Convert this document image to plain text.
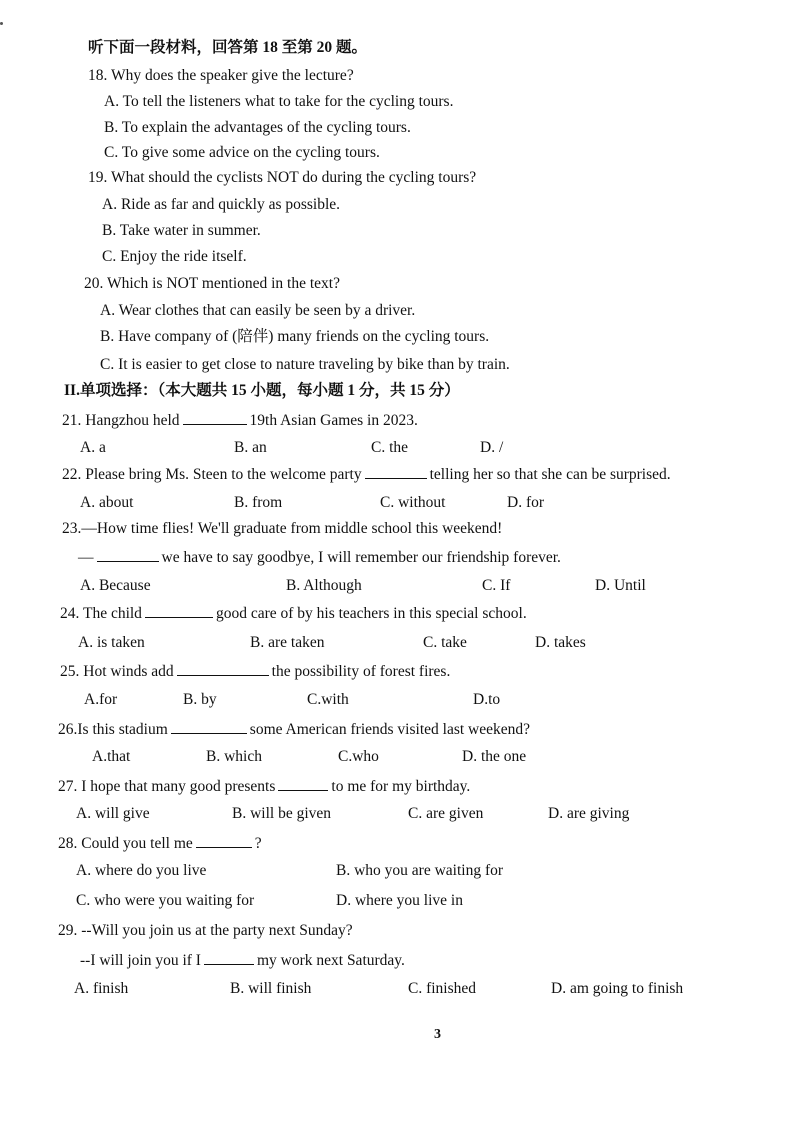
听下面一段材料，回答第 18 至第 20 题。
18. Why does the speaker give the lecture?
A. To tell the listeners what to take for the cycling tours.
B. To explain the advantages of the cycling tours.
C. To give some advice on the cycling tours.
19. What should the cyclists NOT do during the cycling tours?
A. Ride as far and quickly as possible.
B. Take water in summer.
C. Enjoy the ride itself.
20. Which is NOT mentioned in the text?
A. Wear clothes that can easily be seen by a driver.
B. Have company of (陪伴) many friends on the cycling tours.
C. It is easier to get close to nature traveling by bike than by train.
II.单项选择：（本大题共 15 小题，每小题 1 分，共 15 分）
21. Hangzhou held	19th Asian Games in 2023.
A. a	B. an	C. the	D. /
22. Please bring Ms. Steen to the welcome party	telling her so that she can be surprised.
A. about	B. from	C. without	D. for
23.—How time flies! We'll graduate from middle school this weekend!
—	we have to say goodbye, I will remember our friendship forever.
A. Because	B. Although	C. If	D. Until
24. The child	good care of by his teachers in this special school.
A. is taken	B. are taken	C. take	D. takes
25. Hot winds add	the possibility of forest fires.
A.for	B. by	C.with	D.to
26.Is this stadium	some American friends visited last weekend?
A.that	B. which	C.who	D. the one
27. I hope that many good presents	to me for my birthday.
A. will give	B. will be given	C. are given	D. are giving
28. Could you tell me	?
A. where do you live	B. who you are waiting for
C. who were you waiting for	D. where you live in
29. --Will you join us at the party next Sunday?
--I will join you if I	my work next Saturday.
A. finish	B. will finish	C. finished	D. am going to finish
3
